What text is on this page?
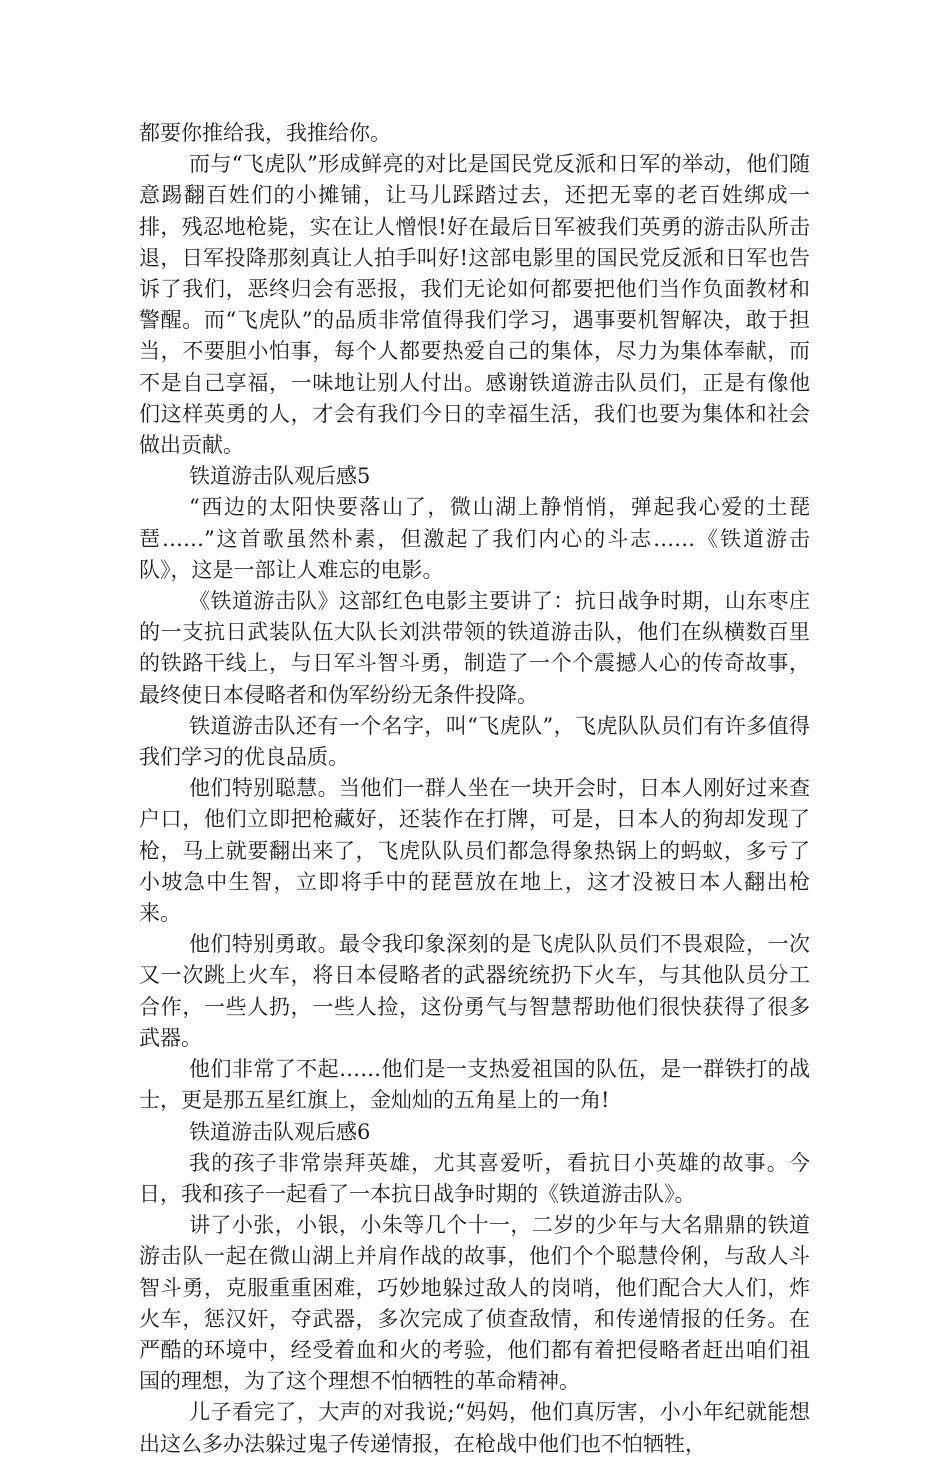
都要你推给我，我推给你。

而与“飞虎队”形成鲜亮的对比是国民党反派和日军的举动，他们随意踢翻百姓们的小摊铺，让马儿踩踏过去，还把无辜的老百姓绑成一排，残忍地枪毙，实在让人憎恨!好在最后日军被我们英勇的游击队所击退，日军投降那刻真让人拍手叫好!这部电影里的国民党反派和日军也告诉了我们，恶终归会有恶报，我们无论如何都要把他们当作负面教材和警醒。而“飞虎队”的品质非常值得我们学习，遇事要机智解决，敢于担当，不要胆小怕事，每个人都要热爱自己的集体，尽力为集体奉献，而不是自己享福，一味地让别人付出。感谢铁道游击队员们，正是有像他们这样英勇的人，才会有我们今日的幸福生活，我们也要为集体和社会做出贡献。

铁道游击队观后感5

“西边的太阳快要落山了，微山湖上静悄悄，弹起我心爱的土琵琶……”这首歌虽然朴素，但激起了我们内心的斗志……《铁道游击队》，这是一部让人难忘的电影。

《铁道游击队》这部红色电影主要讲了：抗日战争时期，山东枣庄的一支抗日武装队伍大队长刘洪带领的铁道游击队，他们在纵横数百里的铁路干线上，与日军斗智斗勇，制造了一个个震撼人心的传奇故事，最终使日本侵略者和伪军纷纷无条件投降。

铁道游击队还有一个名字，叫“飞虎队”，飞虎队队员们有许多值得我们学习的优良品质。

他们特别聪慧。当他们一群人坐在一块开会时，日本人刚好过来查户口，他们立即把枪藏好，还装作在打牌，可是，日本人的狗却发现了枪，马上就要翻出来了，飞虎队队员们都急得象热锅上的蚂蚁，多亏了小坡急中生智，立即将手中的琵琶放在地上，这才没被日本人翻出枪来。

他们特别勇敢。最令我印象深刻的是飞虎队队员们不畏艰险，一次又一次跳上火车，将日本侵略者的武器统统扔下火车，与其他队员分工合作，一些人扔，一些人捡，这份勇气与智慧帮助他们很快获得了很多武器。

他们非常了不起……他们是一支热爱祖国的队伍，是一群铁打的战士，更是那五星红旗上，金灿灿的五角星上的一角!

铁道游击队观后感6

我的孩子非常崇拜英雄，尤其喜爱听，看抗日小英雄的故事。今日，我和孩子一起看了一本抗日战争时期的《铁道游击队》。

讲了小张，小银，小朱等几个十一，二岁的少年与大名鼎鼎的铁道游击队一起在微山湖上并肩作战的故事，他们个个聪慧伶俐，与敌人斗智斗勇，克服重重困难，巧妙地躲过敌人的岗哨，他们配合大人们，炸火车，惩汉奸，夺武器，多次完成了侦查敌情，和传递情报的任务。在严酷的环境中，经受着血和火的考验，他们都有着把侵略者赶出咱们祖国的理想，为了这个理想不怕牺牲的革命精神。

儿子看完了，大声的对我说;“妈妈，他们真厉害，小小年纪就能想出这么多办法躲过鬼子传递情报，在枪战中他们也不怕牺牲，
